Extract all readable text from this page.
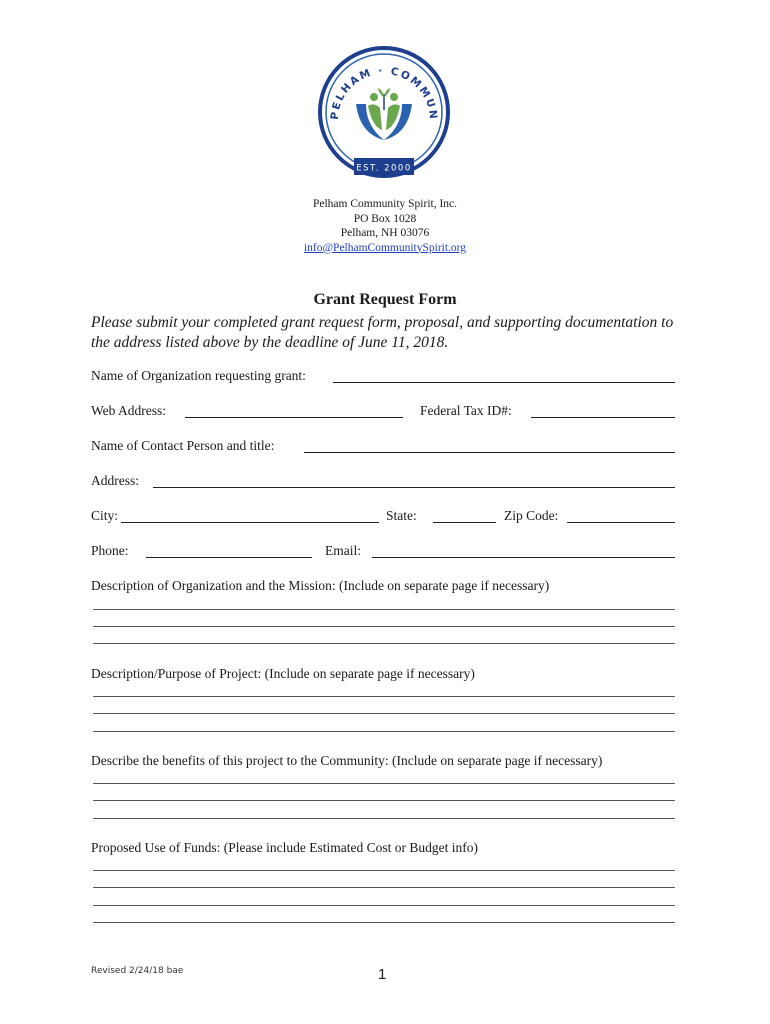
PELHAM · COMMUN
EST. 2000
Pelham Community Spirit, Inc.
PO Box 1028
Pelham, NH 03076
info@PelhamCommunitySpirit.org
Grant Request Form
Please submit your completed grant request form, proposal, and supporting documentation to the address listed above by the deadline of June 11, 2018.
Name of Organization requesting grant:
Web Address:	Federal Tax ID#:
Name of Contact Person and title:
Address:
City:	State:	Zip Code:
Phone:	Email:
Description of Organization and the Mission: (Include on separate page if necessary)
Description/Purpose of Project: (Include on separate page if necessary)
Describe the benefits of this project to the Community: (Include on separate page if necessary)
Proposed Use of Funds: (Please include Estimated Cost or Budget info)
Revised 2/24/18 bae	1
